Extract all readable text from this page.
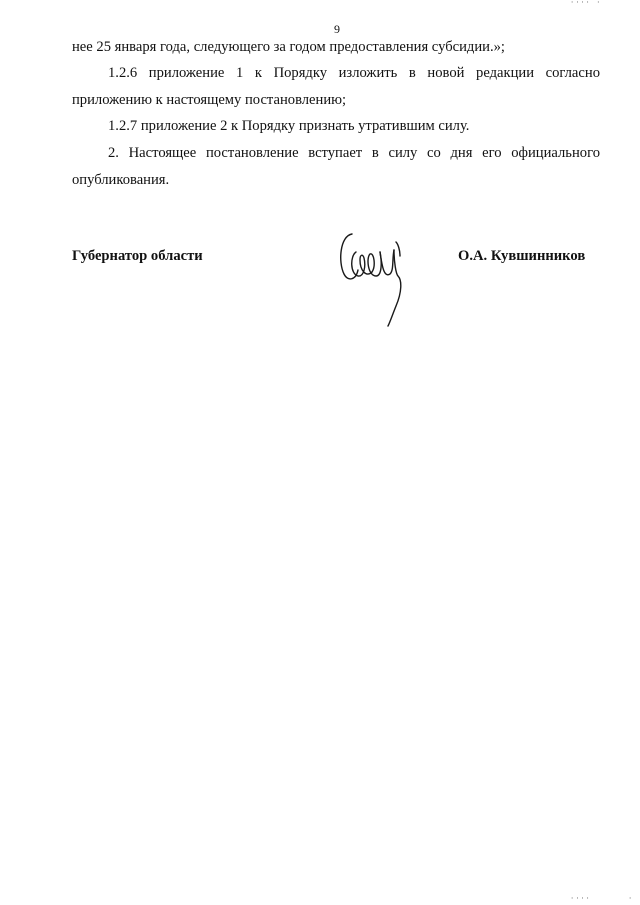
'''' '
9

нее 25 января года, следующего за годом предоставления субсидии.»;

1.2.6 приложение 1 к Порядку изложить в новой редакции согласно приложению к настоящему постановлению;

1.2.7 приложение 2 к Порядку признать утратившим силу.

2. Настоящее постановление вступает в силу со дня его официального опубликования.

Губернатор области	О.А. Кувшинников
''''	'
